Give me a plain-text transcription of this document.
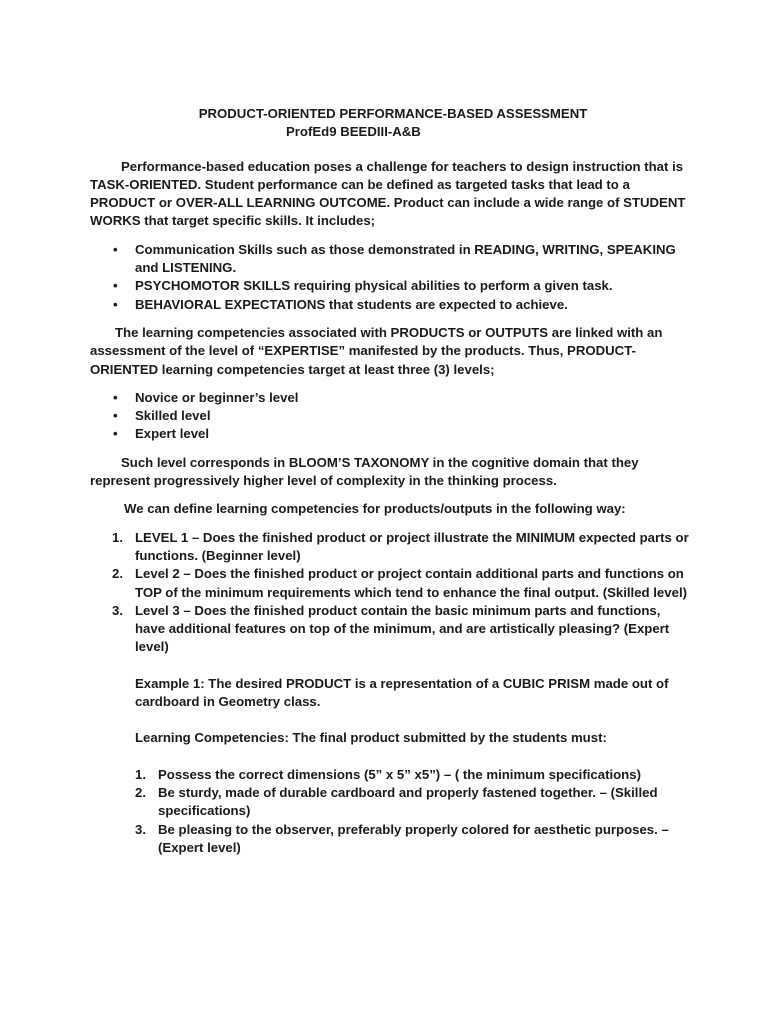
PRODUCT-ORIENTED PERFORMANCE-BASED ASSESSMENT

ProfEd9 BEEDIII-A&B

Performance-based education poses a challenge for teachers to design instruction that is TASK-ORIENTED. Student performance can be defined as targeted tasks that lead to a PRODUCT or OVER-ALL LEARNING OUTCOME. Product can include a wide range of STUDENT WORKS that target specific skills. It includes;

• Communication Skills such as those demonstrated in READING, WRITING, SPEAKING and LISTENING.
• PSYCHOMOTOR SKILLS requiring physical abilities to perform a given task.
• BEHAVIORAL EXPECTATIONS that students are expected to achieve.

The learning competencies associated with PRODUCTS or OUTPUTS are linked with an assessment of the level of “EXPERTISE” manifested by the products. Thus, PRODUCT-ORIENTED learning competencies target at least three (3) levels;

• Novice or beginner’s level
• Skilled level
• Expert level

Such level corresponds in BLOOM’S TAXONOMY in the cognitive domain that they represent progressively higher level of complexity in the thinking process.

We can define learning competencies for products/outputs in the following way:

1. LEVEL 1 – Does the finished product or project illustrate the MINIMUM expected parts or functions. (Beginner level)
2. Level 2 – Does the finished product or project contain additional parts and functions on TOP of the minimum requirements which tend to enhance the final output. (Skilled level)
3. Level 3 – Does the finished product contain the basic minimum parts and functions, have additional features on top of the minimum, and are artistically pleasing? (Expert level)

Example 1: The desired PRODUCT is a representation of a CUBIC PRISM made out of cardboard in Geometry class.

Learning Competencies: The final product submitted by the students must:

1. Possess the correct dimensions (5” x 5” x5”) – ( the minimum specifications)
2. Be sturdy, made of durable cardboard and properly fastened together. – (Skilled specifications)
3. Be pleasing to the observer, preferably properly colored for aesthetic purposes. – (Expert level)
